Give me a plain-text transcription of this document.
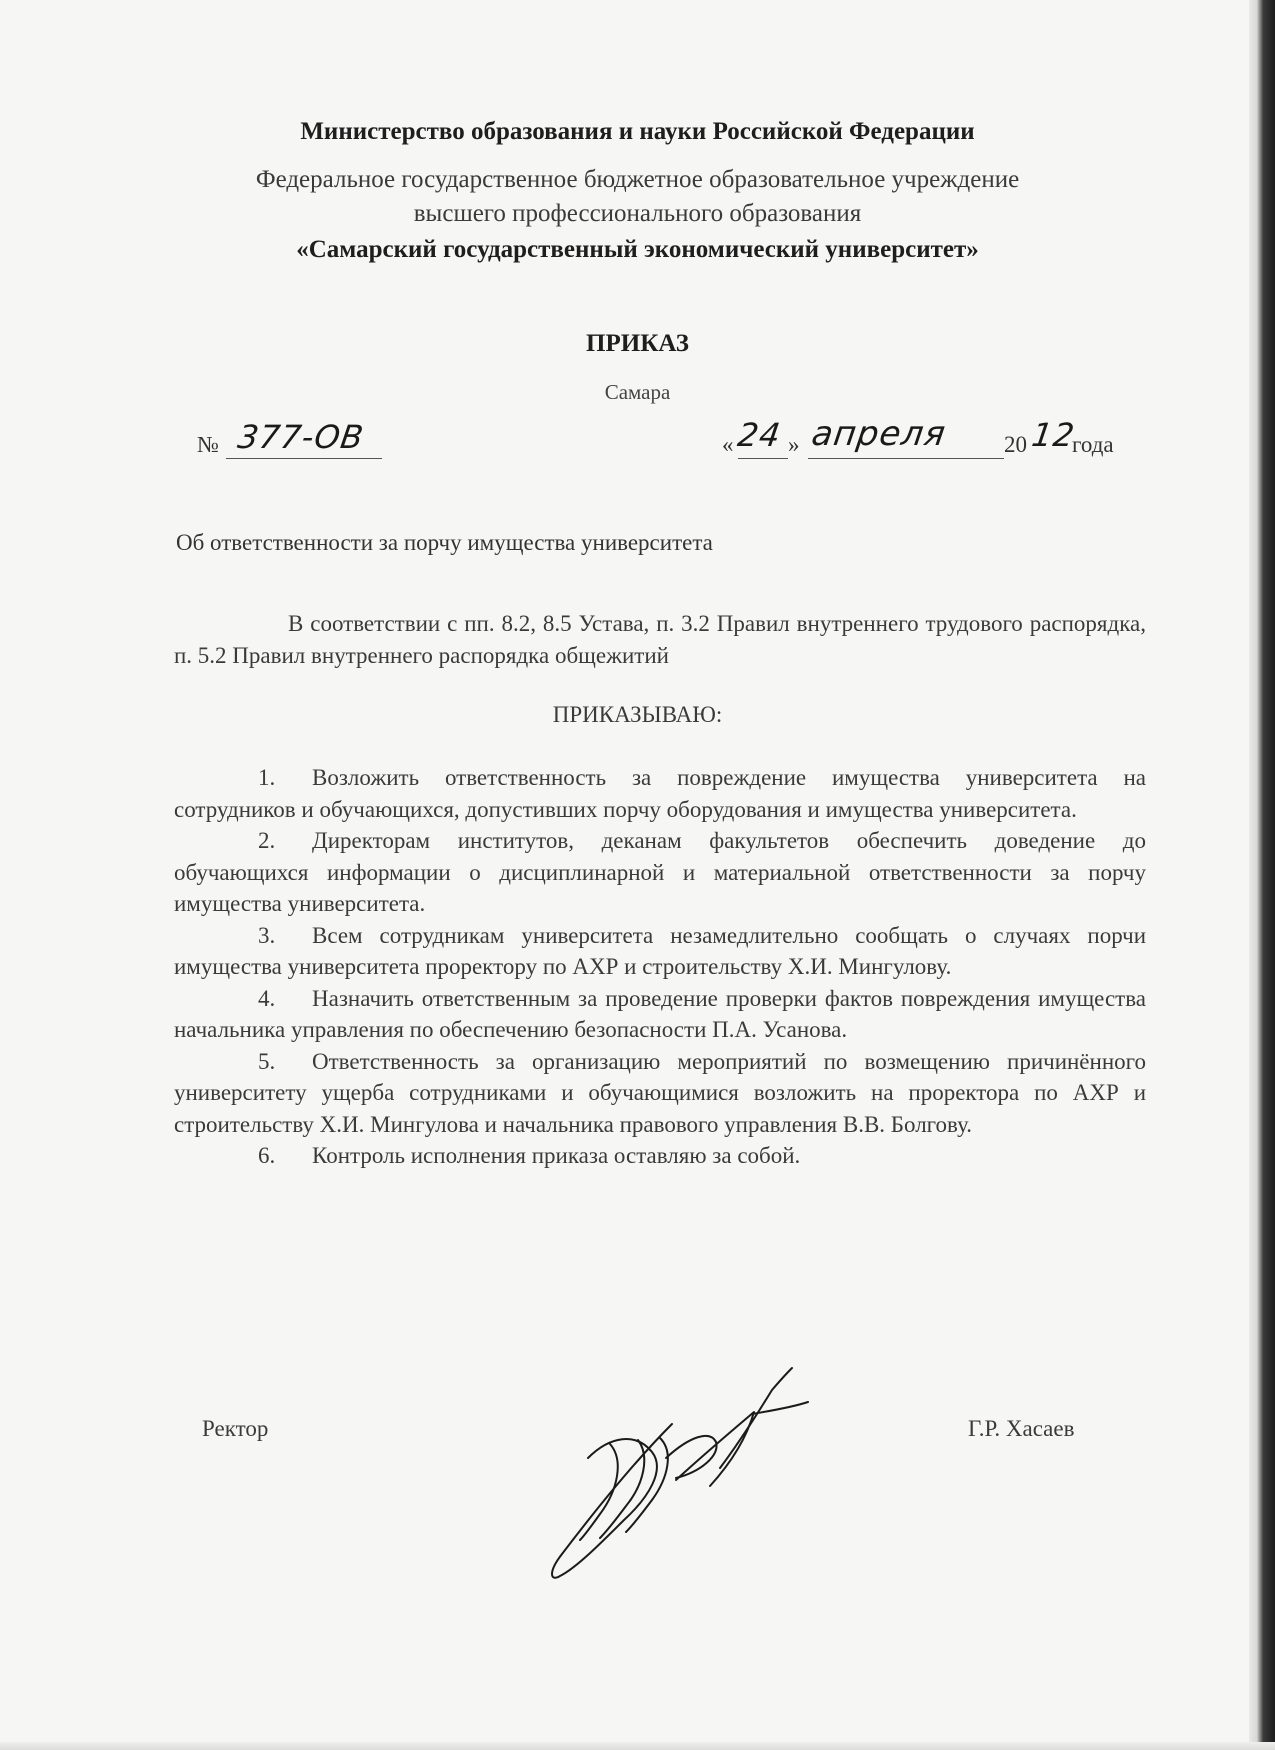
Министерство образования и науки Российской Федерации
Федеральное государственное бюджетное образовательное учреждение
высшего профессионального образования
«Самарский государственный экономический университет»
ПРИКАЗ
Самара
№ 377-ОВ	« 24 » апреля 20 12
года
Об ответственности за порчу имущества университета
В соответствии с пп. 8.2, 8.5 Устава, п. 3.2 Правил внутреннего трудового распорядка, п. 5.2 Правил внутреннего распорядка общежитий
ПРИКАЗЫВАЮ:
1. Возложить ответственность за повреждение имущества университета на сотрудников и обучающихся, допустивших порчу оборудования и имущества университета.
2. Директорам институтов, деканам факультетов обеспечить доведение до обучающихся информации о дисциплинарной и материальной ответственности за порчу имущества университета.
3. Всем сотрудникам университета незамедлительно сообщать о случаях порчи имущества университета проректору по АХР и строительству Х.И. Мингулову.
4. Назначить ответственным за проведение проверки фактов повреждения имущества начальника управления по обеспечению безопасности П.А. Усанова.
5. Ответственность за организацию мероприятий по возмещению причинённого университету ущерба сотрудниками и обучающимися возложить на проректора по АХР и строительству Х.И. Мингулова и начальника правового управления В.В. Болгову.
6. Контроль исполнения приказа оставляю за собой.
Ректор	Г.Р. Хасаев
